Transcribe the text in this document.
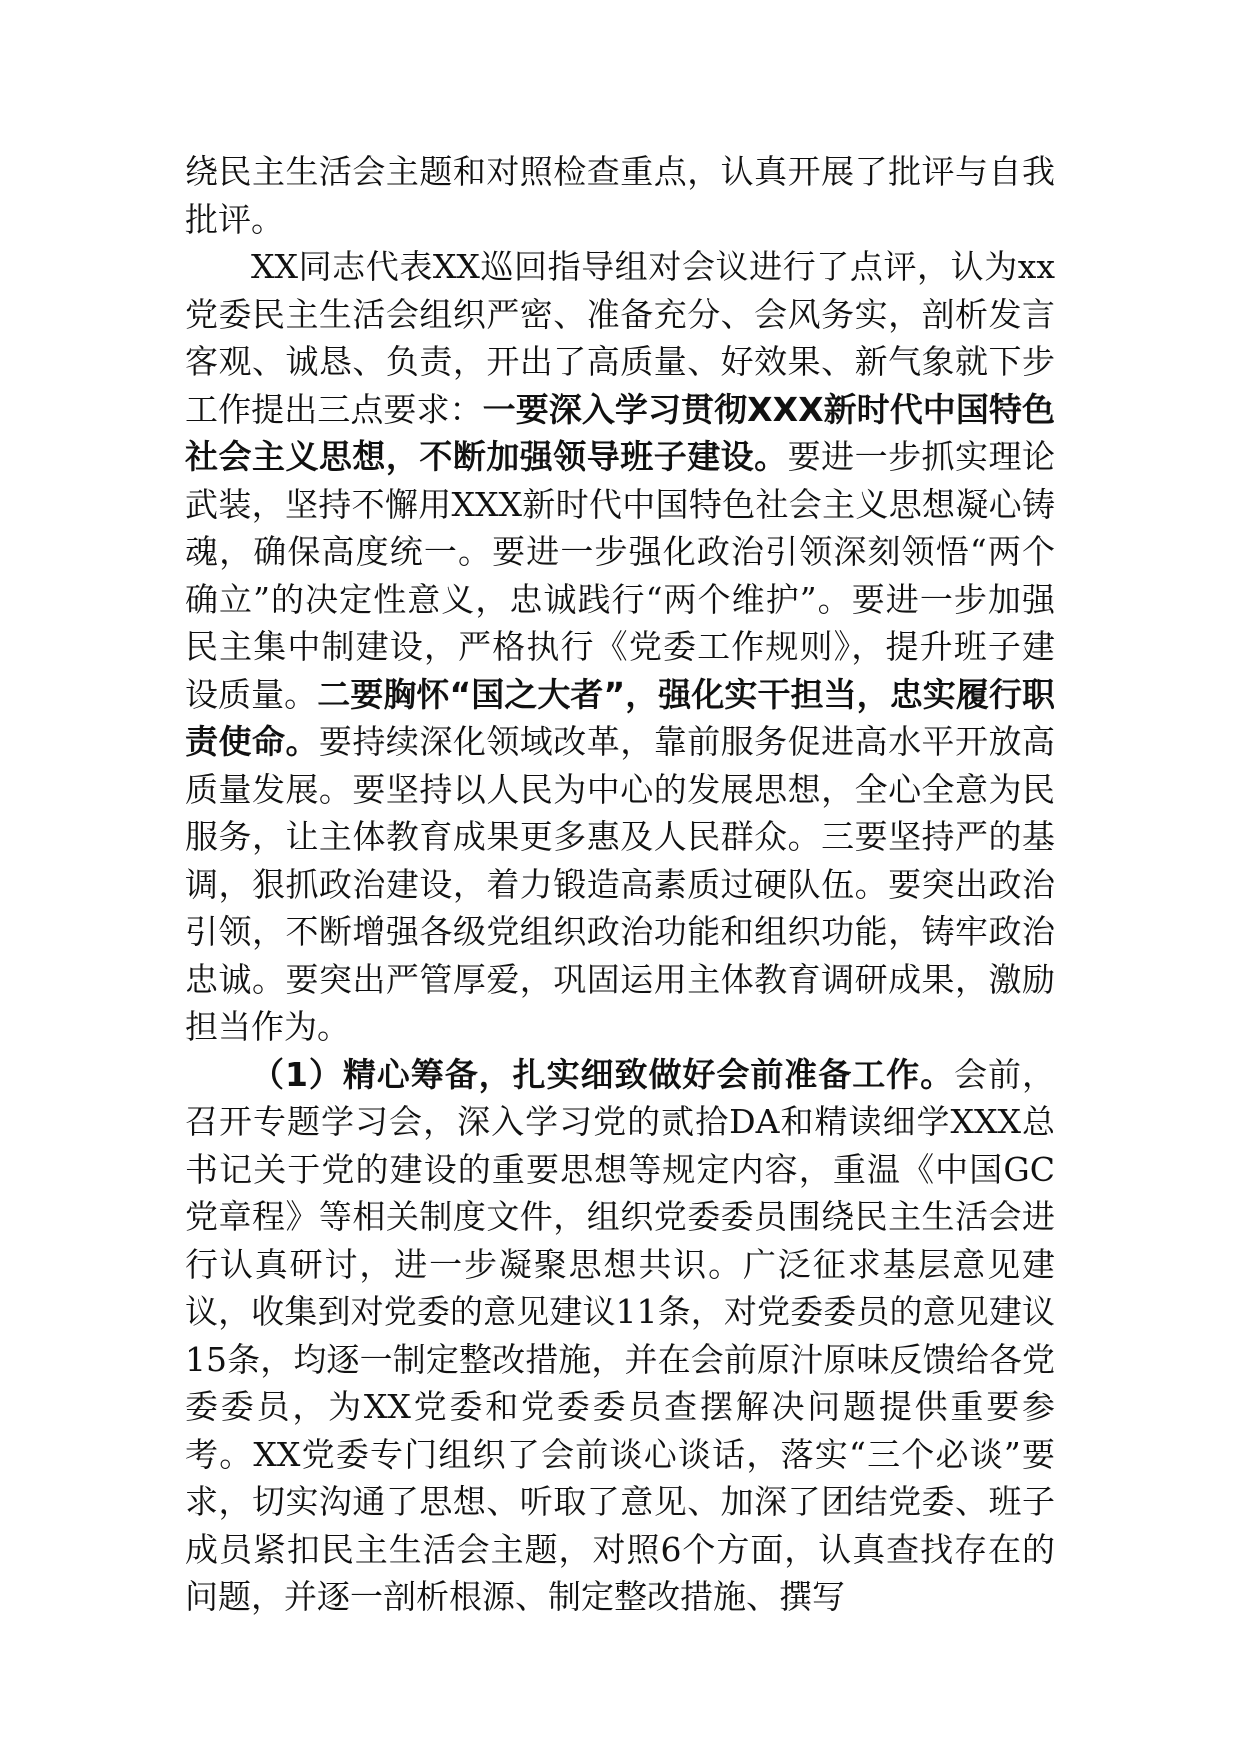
绕民主生活会主题和对照检查重点，认真开展了批评与自我批评。

XX同志代表XX巡回指导组对会议进行了点评，认为xx党委民主生活会组织严密、准备充分、会风务实，剖析发言客观、诚恳、负责，开出了高质量、好效果、新气象就下步工作提出三点要求：一要深入学习贯彻XXX新时代中国特色社会主义思想，不断加强领导班子建设。要进一步抓实理论武装，坚持不懈用XXX新时代中国特色社会主义思想凝心铸魂，确保高度统一。要进一步强化政治引领深刻领悟“两个确立”的决定性意义，忠诚践行“两个维护”。要进一步加强民主集中制建设，严格执行《党委工作规则》，提升班子建设质量。二要胸怀“国之大者”，强化实干担当，忠实履行职责使命。要持续深化领域改革，靠前服务促进高水平开放高质量发展。要坚持以人民为中心的发展思想，全心全意为民服务，让主体教育成果更多惠及人民群众。三要坚持严的基调，狠抓政治建设，着力锻造高素质过硬队伍。要突出政治引领，不断增强各级党组织政治功能和组织功能，铸牢政治忠诚。要突出严管厚爱，巩固运用主体教育调研成果，激励担当作为。

（1）精心筹备，扎实细致做好会前准备工作。会前，召开专题学习会，深入学习党的贰拾DA和精读细学XXX总书记关于党的建设的重要思想等规定内容，重温《中国GC党章程》等相关制度文件，组织党委委员围绕民主生活会进行认真研讨，进一步凝聚思想共识。广泛征求基层意见建议，收集到对党委的意见建议11条，对党委委员的意见建议15条，均逐一制定整改措施，并在会前原汁原味反馈给各党委委员，为XX党委和党委委员查摆解决问题提供重要参考。XX党委专门组织了会前谈心谈话，落实“三个必谈”要求，切实沟通了思想、听取了意见、加深了团结党委、班子成员紧扣民主生活会主题，对照6个方面，认真查找存在的问题，并逐一剖析根源、制定整改措施、撰写
